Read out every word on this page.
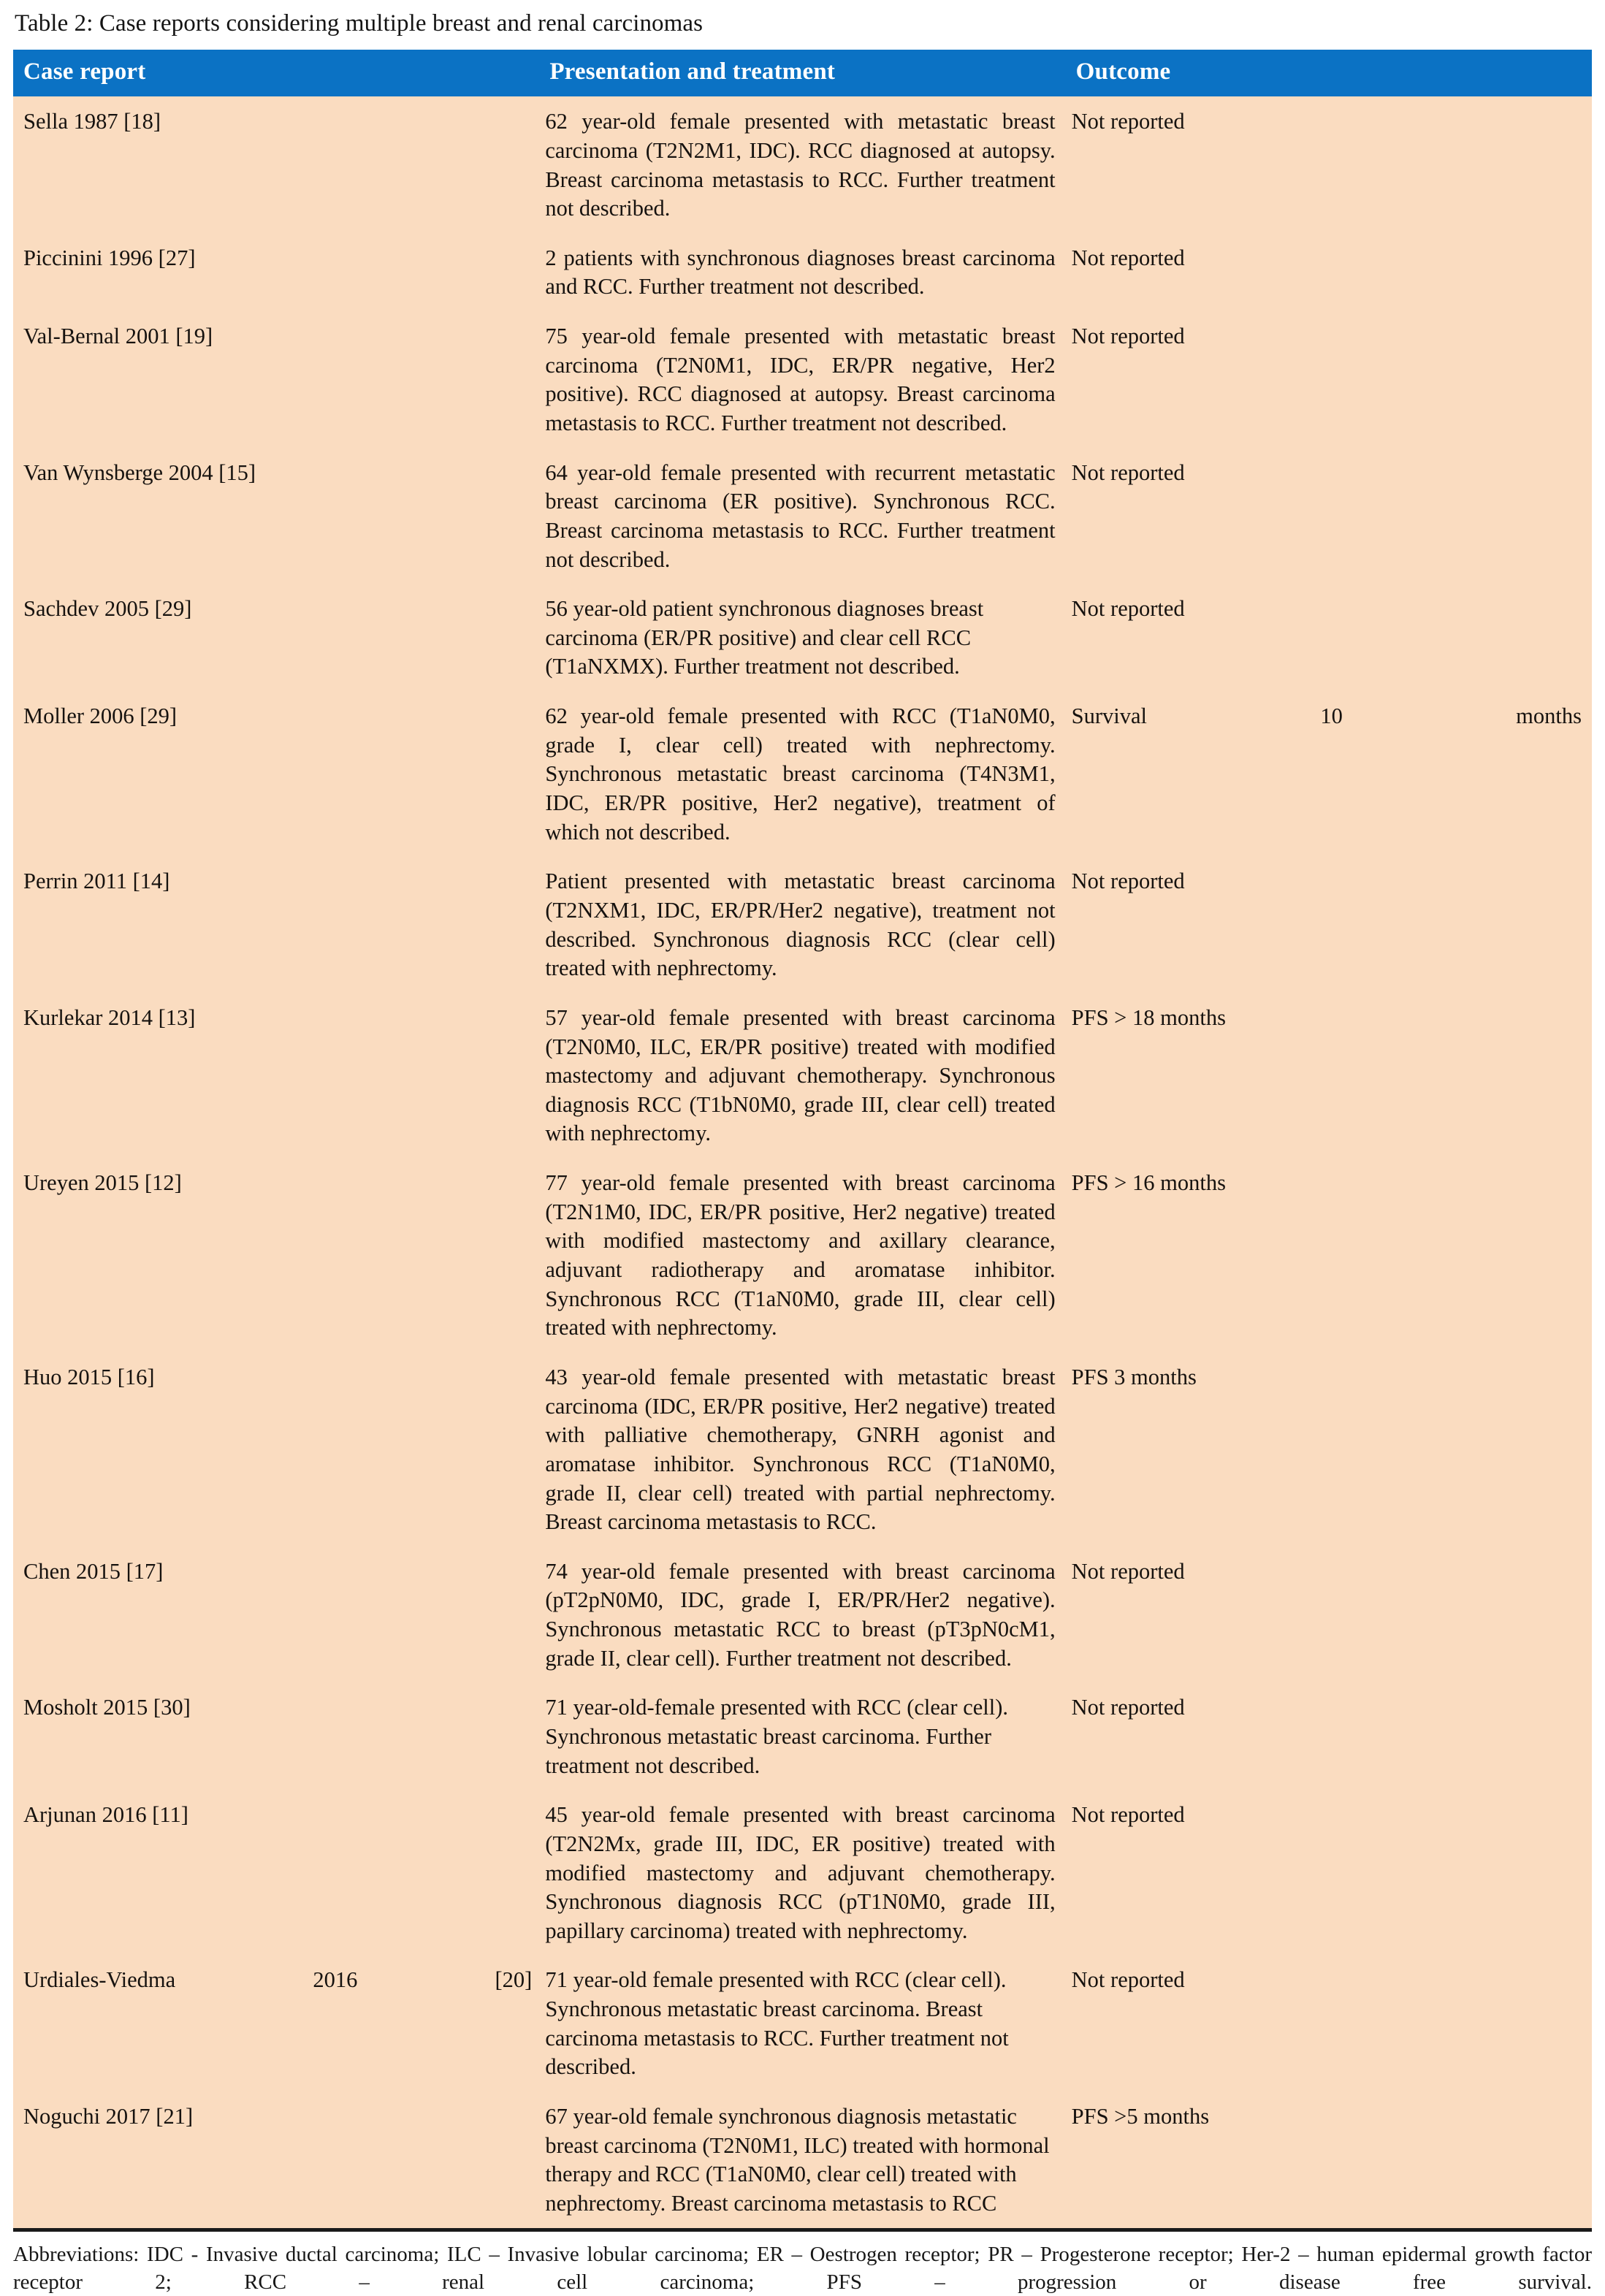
Table 2: Case reports considering multiple breast and renal carcinomas
Case report	Presentation and treatment	Outcome
Sella 1987 [18]	62 year-old female presented with metastatic breast carcinoma (T2N2M1, IDC). RCC diagnosed at autopsy. Breast carcinoma metastasis to RCC. Further treatment not described.	Not reported
Piccinini 1996 [27]	2 patients with synchronous diagnoses breast carcinoma and RCC. Further treatment not described.	Not reported
Val-Bernal 2001 [19]	75 year-old female presented with metastatic breast carcinoma (T2N0M1, IDC, ER/PR negative, Her2 positive). RCC diagnosed at autopsy. Breast carcinoma metastasis to RCC. Further treatment not described.	Not reported
Van Wynsberge 2004 [15]	64 year-old female presented with recurrent metastatic breast carcinoma (ER positive). Synchronous RCC. Breast carcinoma metastasis to RCC. Further treatment not described.	Not reported
Sachdev 2005 [29]	56 year-old patient synchronous diagnoses breast carcinoma (ER/PR positive) and clear cell RCC (T1aNXMX). Further treatment not described.	Not reported
Moller 2006 [29]	62 year-old female presented with RCC (T1aN0M0, grade I, clear cell) treated with nephrectomy. Synchronous metastatic breast carcinoma (T4N3M1, IDC, ER/PR positive, Her2 negative), treatment of which not described.	Survival 10 months
Perrin 2011 [14]	Patient presented with metastatic breast carcinoma (T2NXM1, IDC, ER/PR/Her2 negative), treatment not described. Synchronous diagnosis RCC (clear cell) treated with nephrectomy.	Not reported
Kurlekar 2014 [13]	57 year-old female presented with breast carcinoma (T2N0M0, ILC, ER/PR positive) treated with modified mastectomy and adjuvant chemotherapy. Synchronous diagnosis RCC (T1bN0M0, grade III, clear cell) treated with nephrectomy.	PFS > 18 months
Ureyen 2015 [12]	77 year-old female presented with breast carcinoma (T2N1M0, IDC, ER/PR positive, Her2 negative) treated with modified mastectomy and axillary clearance, adjuvant radiotherapy and aromatase inhibitor. Synchronous RCC (T1aN0M0, grade III, clear cell) treated with nephrectomy.	PFS > 16 months
Huo 2015 [16]	43 year-old female presented with metastatic breast carcinoma (IDC, ER/PR positive, Her2 negative) treated with palliative chemotherapy, GNRH agonist and aromatase inhibitor. Synchronous RCC (T1aN0M0, grade II, clear cell) treated with partial nephrectomy. Breast carcinoma metastasis to RCC.	PFS 3 months
Chen 2015 [17]	74 year-old female presented with breast carcinoma (pT2pN0M0, IDC, grade I, ER/PR/Her2 negative). Synchronous metastatic RCC to breast (pT3pN0cM1, grade II, clear cell). Further treatment not described.	Not reported
Mosholt 2015 [30]	71 year-old-female presented with RCC (clear cell). Synchronous metastatic breast carcinoma. Further treatment not described.	Not reported
Arjunan 2016 [11]	45 year-old female presented with breast carcinoma (T2N2Mx, grade III, IDC, ER positive) treated with modified mastectomy and adjuvant chemotherapy. Synchronous diagnosis RCC (pT1N0M0, grade III, papillary carcinoma) treated with nephrectomy.	Not reported
Urdiales-Viedma 2016 [20]	71 year-old female presented with RCC (clear cell). Synchronous metastatic breast carcinoma. Breast carcinoma metastasis to RCC. Further treatment not described.	Not reported
Noguchi 2017 [21]	67 year-old female synchronous diagnosis metastatic breast carcinoma (T2N0M1, ILC) treated with hormonal therapy and RCC (T1aN0M0, clear cell) treated with nephrectomy. Breast carcinoma metastasis to RCC	PFS >5 months
Abbreviations: IDC - Invasive ductal carcinoma; ILC – Invasive lobular carcinoma; ER – Oestrogen receptor; PR – Progesterone receptor; Her-2 – human epidermal growth factor receptor 2; RCC – renal cell carcinoma; PFS – progression or disease free survival.
